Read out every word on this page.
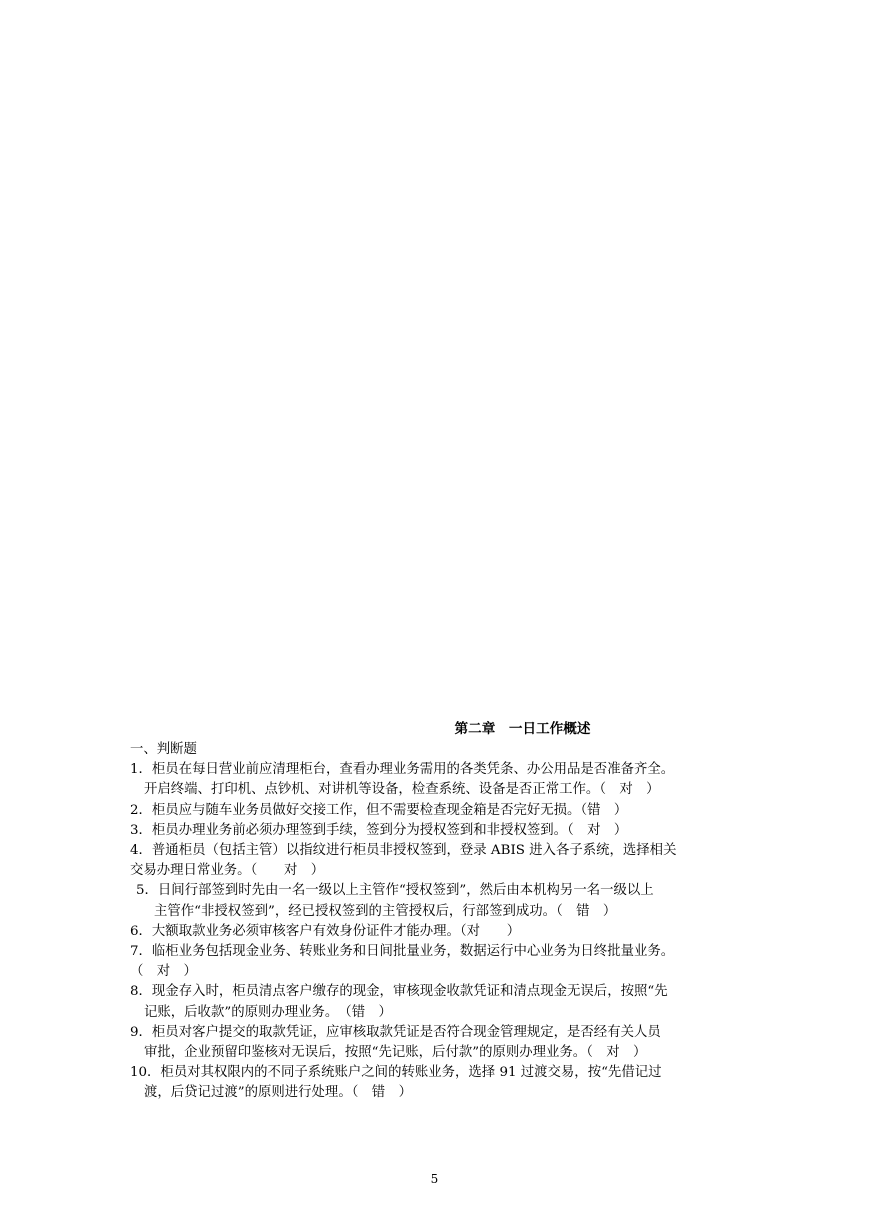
第二章　一日工作概述
一、判断题
1．柜员在每日营业前应清理柜台，查看办理业务需用的各类凭条、办公用品是否准备齐全。
开启终端、打印机、点钞机、对讲机等设备，检查系统、设备是否正常工作。（　对　）
2．柜员应与随车业务员做好交接工作，但不需要检查现金箱是否完好无损。（错　）
3．柜员办理业务前必须办理签到手续，签到分为授权签到和非授权签到。（　对　）
4．普通柜员（包括主管）以指纹进行柜员非授权签到，登录 ABIS 进入各子系统，选择相关
交易办理日常业务。（　　对　）
5．日间行部签到时先由一名一级以上主管作“授权签到”，然后由本机构另一名一级以上
主管作“非授权签到”，经已授权签到的主管授权后，行部签到成功。（　错　）
6．大额取款业务必须审核客户有效身份证件才能办理。（对　　）
7．临柜业务包括现金业务、转账业务和日间批量业务，数据运行中心业务为日终批量业务。
（　对　）
8．现金存入时，柜员清点客户缴存的现金，审核现金收款凭证和清点现金无误后，按照“先
记账，后收款”的原则办理业务。　（错　）
9．柜员对客户提交的取款凭证，应审核取款凭证是否符合现金管理规定，是否经有关人员
审批，企业预留印鉴核对无误后，按照“先记账，后付款”的原则办理业务。（　对　）
10．柜员对其权限内的不同子系统账户之间的转账业务，选择 91 过渡交易，按“先借记过
渡，后贷记过渡”的原则进行处理。（　错　）
5
